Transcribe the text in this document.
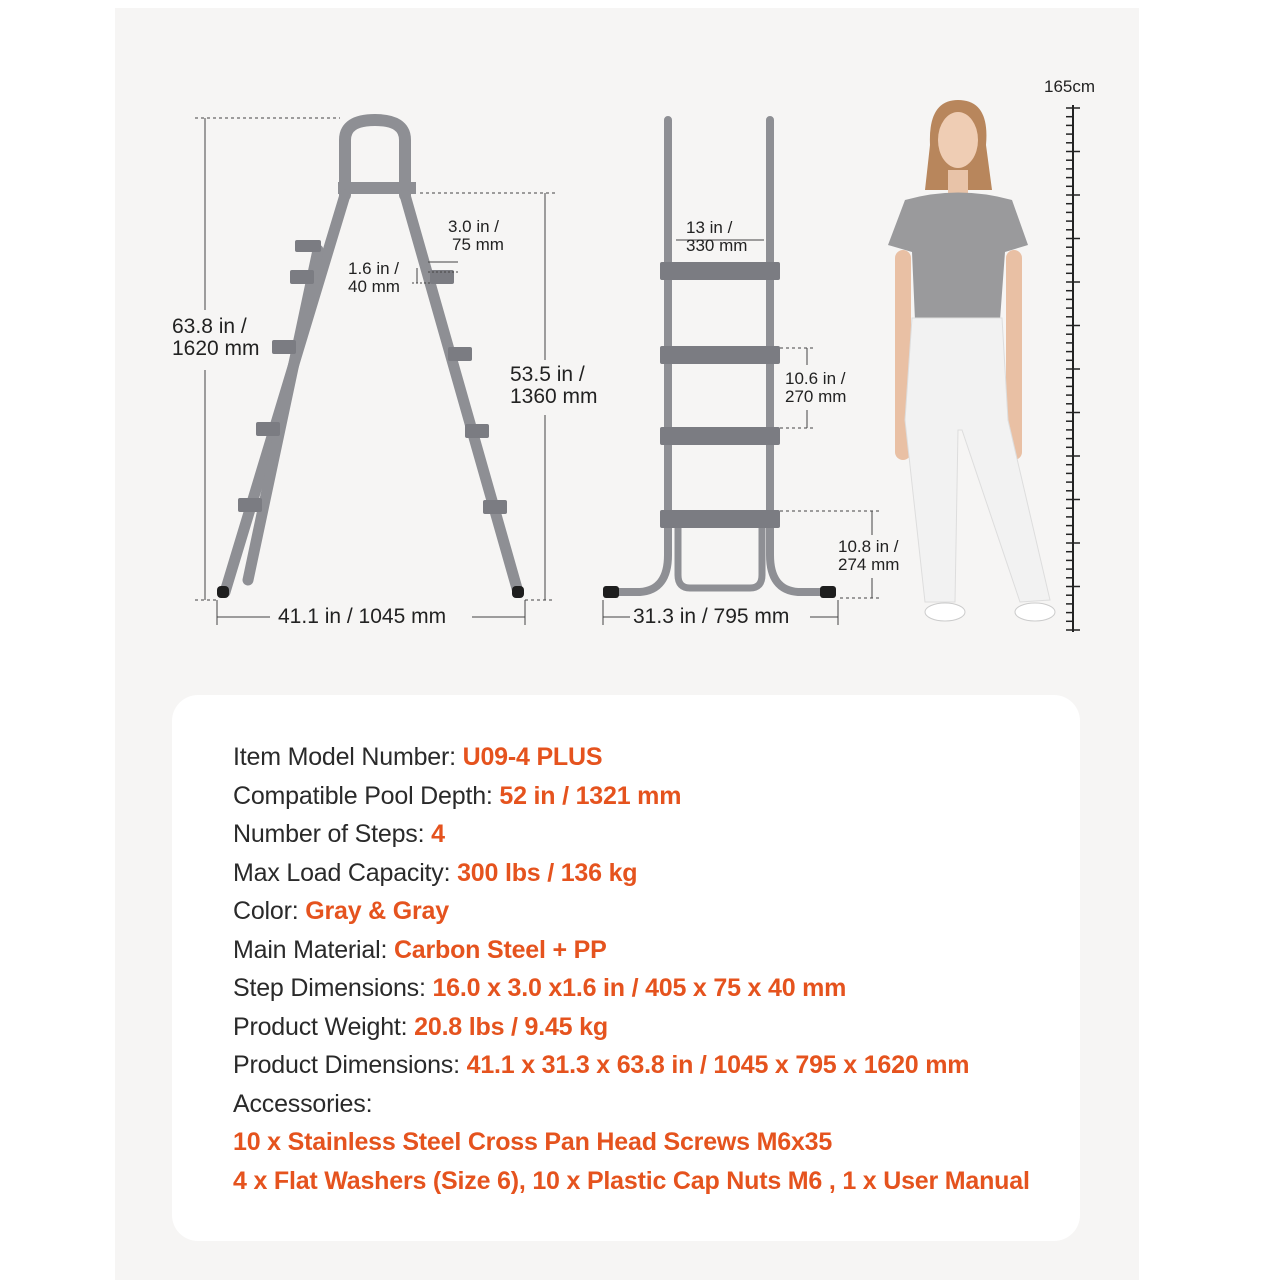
63.8 in /
1620 mm
53.5 in /
1360 mm
3.0 in /
75 mm
1.6 in /
40 mm
41.1 in / 1045 mm
13 in /
330 mm
10.6 in /
270 mm
10.8 in /
274 mm
31.3 in / 795 mm
165cm
Item Model Number: U09-4 PLUS
Compatible Pool Depth: 52 in / 1321 mm
Number of Steps: 4
Max Load Capacity: 300 lbs / 136 kg
Color: Gray & Gray
Main Material: Carbon Steel + PP
Step Dimensions: 16.0 x 3.0 x1.6 in / 405 x 75 x 40 mm
Product Weight: 20.8 lbs / 9.45 kg
Product Dimensions: 41.1 x 31.3 x 63.8 in / 1045 x 795 x 1620 mm
Accessories:
10 x Stainless Steel Cross Pan Head Screws M6x35
4 x Flat Washers (Size 6), 10 x Plastic Cap Nuts M6 , 1 x User Manual
